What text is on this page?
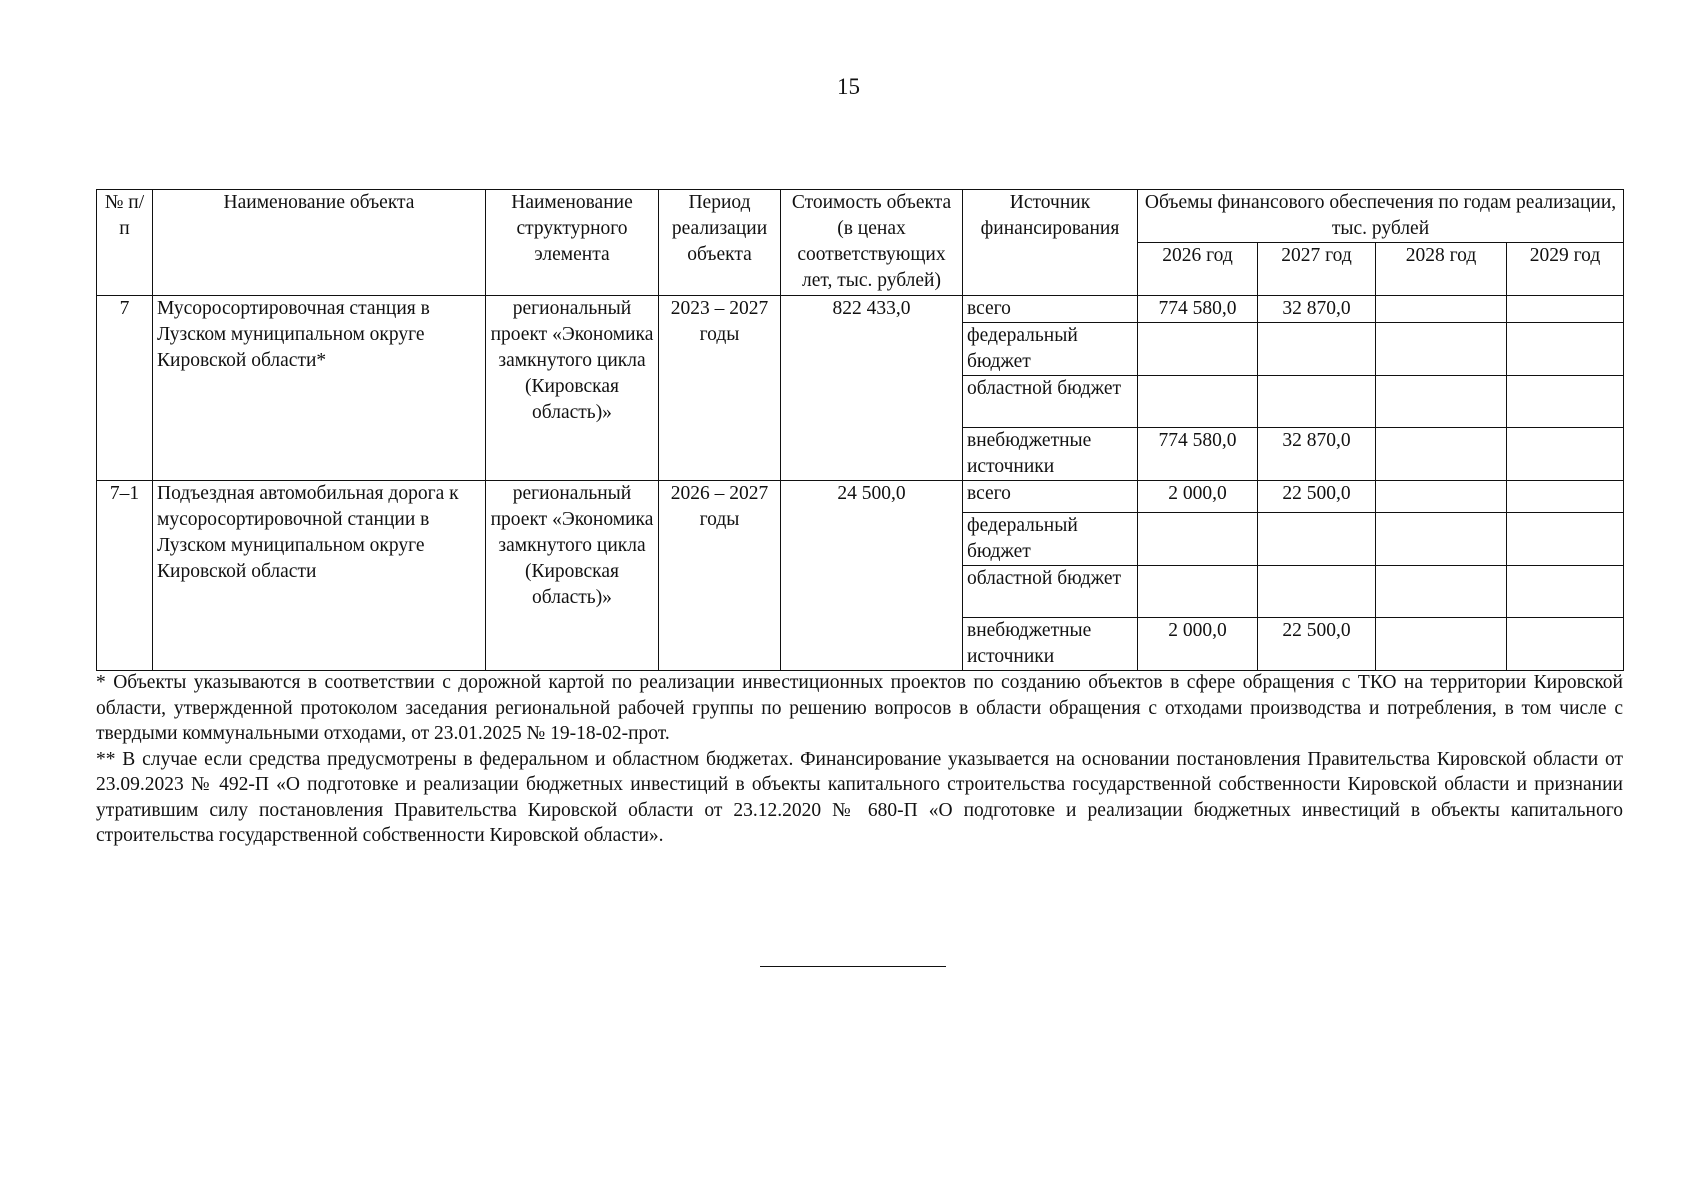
15
№ п/п	Наименование объекта	Наименование структурного элемента	Период реализации объекта	Стоимость объекта (в ценах соответствующих лет, тыс. рублей)	Источник финансирования	Объемы финансового обеспечения по годам реализации, тыс. рублей			
						2026 год	2027 год	2028 год	2029 год
7	Мусоросортировочная станция в Лузском муниципальном округе Кировской области*	региональный проект «Экономика замкнутого цикла (Кировская область)»	2023 – 2027 годы	822 433,0	всего	774 580,0	32 870,0		
					федеральный бюджет				
					областной бюджет				
					внебюджетные источники	774 580,0	32 870,0		
7–1	Подъездная автомобильная дорога к мусоросортировочной станции в Лузском муниципальном округе Кировской области	региональный проект «Экономика замкнутого цикла (Кировская область)»	2026 – 2027 годы	24 500,0	всего	2 000,0	22 500,0		
					федеральный бюджет				
					областной бюджет				
					внебюджетные источники	2 000,0	22 500,0		

* Объекты указываются в соответствии с дорожной картой по реализации инвестиционных проектов по созданию объектов в сфере обращения с ТКО на территории Кировской области, утвержденной протоколом заседания региональной рабочей группы по решению вопросов в области обращения с отходами производства и потребления, в том числе с твердыми коммунальными отходами, от 23.01.2025 № 19-18-02-прот.

** В случае если средства предусмотрены в федеральном и областном бюджетах. Финансирование указывается на основании постановления Правительства Кировской области от 23.09.2023 № 492-П «О подготовке и реализации бюджетных инвестиций в объекты капитального строительства государственной собственности Кировской области и признании утратившим силу постановления Правительства Кировской области от 23.12.2020 № 680-П «О подготовке и реализации бюджетных инвестиций в объекты капитального строительства государственной собственности Кировской области».
